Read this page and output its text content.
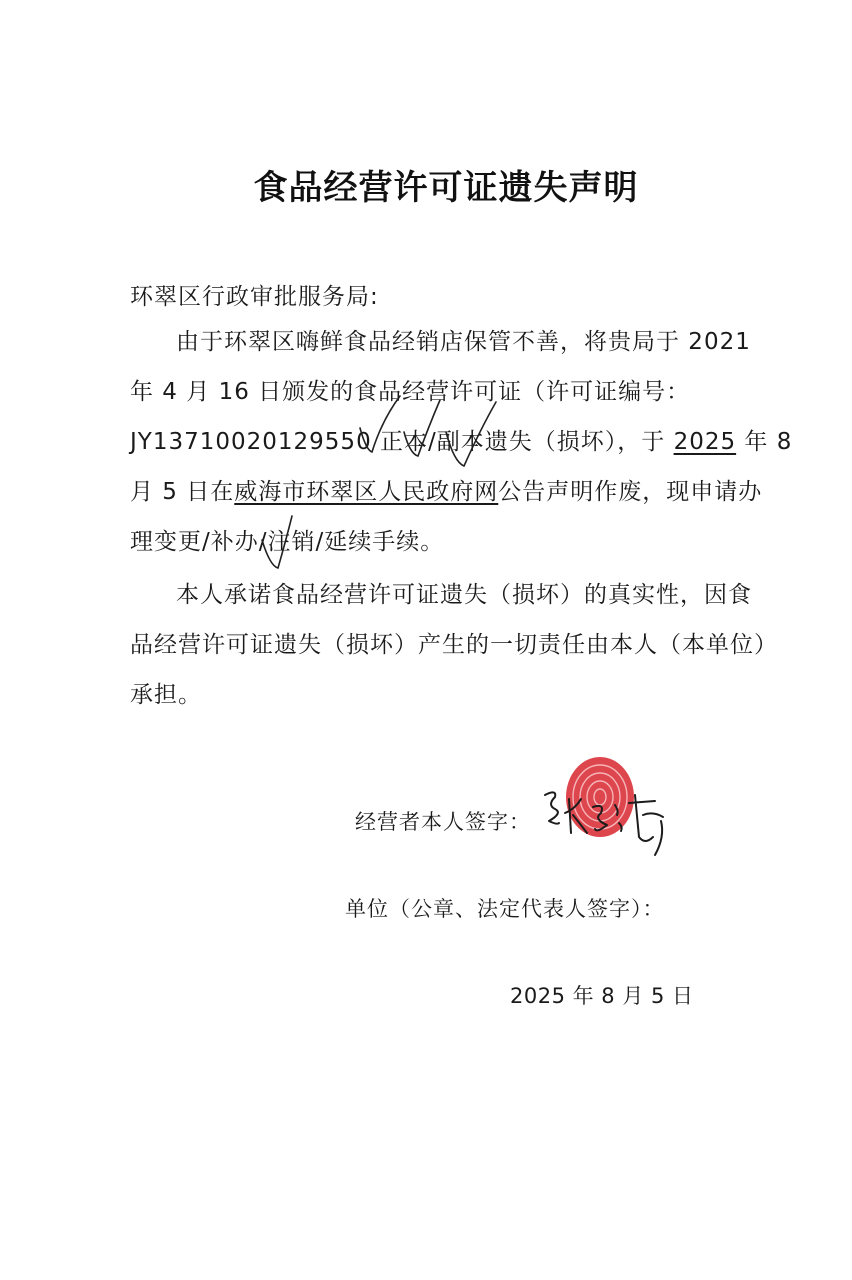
食品经营许可证遗失声明
环翠区行政审批服务局:
由于环翠区嗨鲜食品经销店保管不善，将贵局于 2021
年 4 月 16 日颁发的食品经营许可证（许可证编号：
JY13710020129550 正本/副本遗失（损坏），于 2025 年 8
月 5 日在威海市环翠区人民政府网公告声明作废，现申请办
理变更/补办/注销/延续手续。
本人承诺食品经营许可证遗失（损坏）的真实性，因食
品经营许可证遗失（损坏）产生的一切责任由本人（本单位）
承担。
经营者本人签字：
单位（公章、法定代表人签字）：
2025 年 8 月 5 日
